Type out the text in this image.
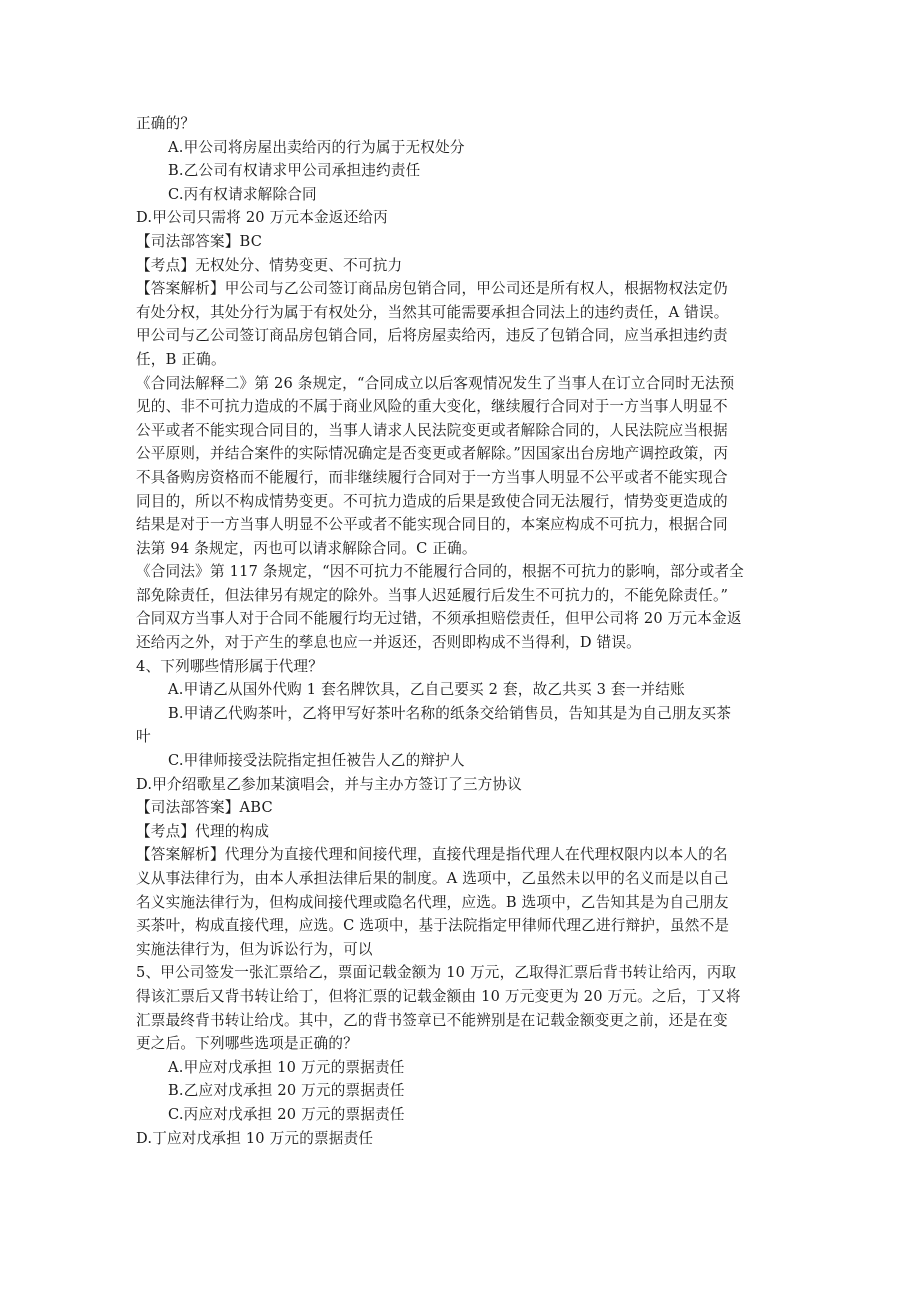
正确的？
A.甲公司将房屋出卖给丙的行为属于无权处分
B.乙公司有权请求甲公司承担违约责任
C.丙有权请求解除合同
D.甲公司只需将 20 万元本金返还给丙
【司法部答案】BC
【考点】无权处分、情势变更、不可抗力
【答案解析】甲公司与乙公司签订商品房包销合同，甲公司还是所有权人，根据物权法定仍
有处分权，其处分行为属于有权处分，当然其可能需要承担合同法上的违约责任，A 错误。
甲公司与乙公司签订商品房包销合同，后将房屋卖给丙，违反了包销合同，应当承担违约责
任，B 正确。
《合同法解释二》第 26 条规定，“合同成立以后客观情况发生了当事人在订立合同时无法预
见的、非不可抗力造成的不属于商业风险的重大变化，继续履行合同对于一方当事人明显不
公平或者不能实现合同目的，当事人请求人民法院变更或者解除合同的，人民法院应当根据
公平原则，并结合案件的实际情况确定是否变更或者解除。”因国家出台房地产调控政策，丙
不具备购房资格而不能履行，而非继续履行合同对于一方当事人明显不公平或者不能实现合
同目的，所以不构成情势变更。不可抗力造成的后果是致使合同无法履行，情势变更造成的
结果是对于一方当事人明显不公平或者不能实现合同目的，本案应构成不可抗力，根据合同
法第 94 条规定，丙也可以请求解除合同。C 正确。
《合同法》第 117 条规定，“因不可抗力不能履行合同的，根据不可抗力的影响，部分或者全
部免除责任，但法律另有规定的除外。当事人迟延履行后发生不可抗力的，不能免除责任。”
合同双方当事人对于合同不能履行均无过错，不须承担赔偿责任，但甲公司将 20 万元本金返
还给丙之外，对于产生的孳息也应一并返还，否则即构成不当得利，D 错误。
4、下列哪些情形属于代理？
A.甲请乙从国外代购 1 套名牌饮具，乙自己要买 2 套，故乙共买 3 套一并结账
B.甲请乙代购茶叶，乙将甲写好茶叶名称的纸条交给销售员，告知其是为自己朋友买茶
叶
C.甲律师接受法院指定担任被告人乙的辩护人
D.甲介绍歌星乙参加某演唱会，并与主办方签订了三方协议
【司法部答案】ABC
【考点】代理的构成
【答案解析】代理分为直接代理和间接代理，直接代理是指代理人在代理权限内以本人的名
义从事法律行为，由本人承担法律后果的制度。A 选项中，乙虽然未以甲的名义而是以自己
名义实施法律行为，但构成间接代理或隐名代理，应选。B 选项中，乙告知其是为自己朋友
买茶叶，构成直接代理，应选。C 选项中，基于法院指定甲律师代理乙进行辩护，虽然不是
实施法律行为，但为诉讼行为，可以
5、甲公司签发一张汇票给乙，票面记载金额为 10 万元，乙取得汇票后背书转让给丙，丙取
得该汇票后又背书转让给丁，但将汇票的记载金额由 10 万元变更为 20 万元。之后，丁又将
汇票最终背书转让给戊。其中，乙的背书签章已不能辨别是在记载金额变更之前，还是在变
更之后。下列哪些选项是正确的？
A.甲应对戊承担 10 万元的票据责任
B.乙应对戊承担 20 万元的票据责任
C.丙应对戊承担 20 万元的票据责任
D.丁应对戊承担 10 万元的票据责任
